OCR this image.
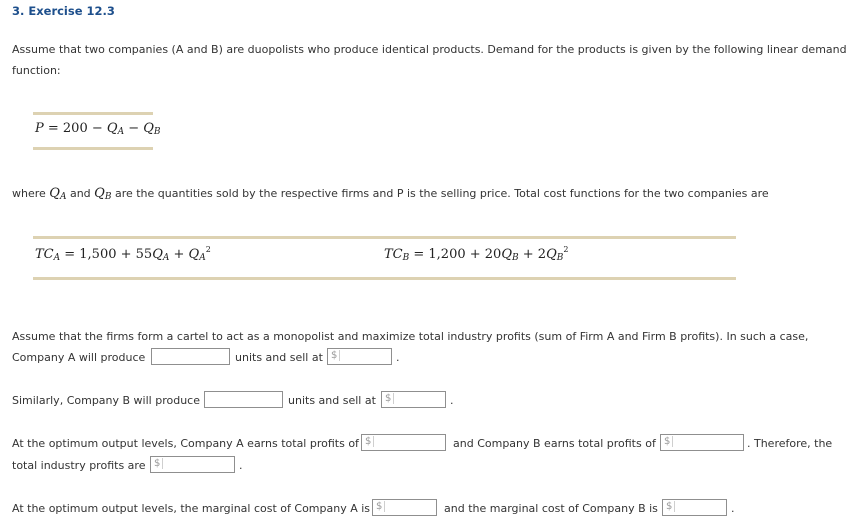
3. Exercise 12.3
Assume that two companies (A and B) are duopolists who produce identical products. Demand for the products is given by the following linear demand
function:
$P = 200 - Q_A - Q_B$
where $Q_A$ and $Q_B$ are the quantities sold by the respective firms and P is the selling price. Total cost functions for the two companies are
$TC_A = 1,500 + 55Q_A + Q_A^2$	$TC_B = 1,200 + 20Q_B + 2Q_B^2$
Assume that the firms form a cartel to act as a monopolist and maximize total industry profits (sum of Firm A and Firm B profits). In such a case,
Company A will produce	units and sell at $	.
Similarly, Company B will produce	units and sell at $	.
At the optimum output levels, Company A earns total profits of $	and Company B earns total profits of $	. Therefore, the
total industry profits are $	.
At the optimum output levels, the marginal cost of Company A is $	and the marginal cost of Company B is $	.
